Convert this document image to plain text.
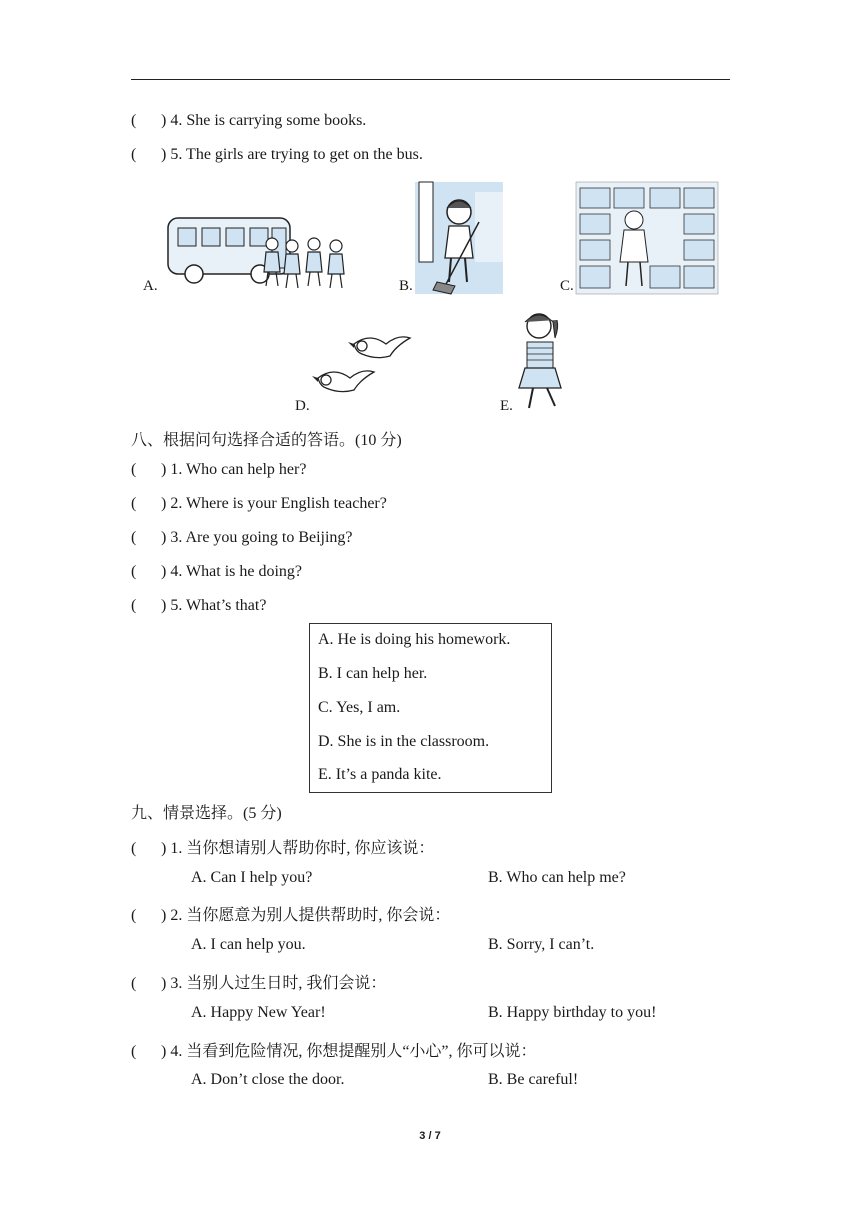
( ) 4. She is carrying some books.
( ) 5. The girls are trying to get on the bus.
A.	B.	C.
D.	E.
八、根据问句选择合适的答语。(10 分)
( ) 1. Who can help her?
( ) 2. Where is your English teacher?
( ) 3. Are you going to Beijing?
( ) 4. What is he doing?
( ) 5. What’s that?
A. He is doing his homework.
B. I can help her.
C. Yes, I am.
D. She is in the classroom.
E. It’s a panda kite.
九、情景选择。(5 分)
( ) 1. 当你想请别人帮助你时, 你应该说：
A. Can I help you?	B. Who can help me?
( ) 2. 当你愿意为别人提供帮助时, 你会说：
A. I can help you.	B. Sorry, I can’t.
( ) 3. 当别人过生日时, 我们会说：
A. Happy New Year!	B. Happy birthday to you!
( ) 4. 当看到危险情况, 你想提醒别人“小心”, 你可以说：
A. Don’t close the door.	B. Be careful!
3 / 7
